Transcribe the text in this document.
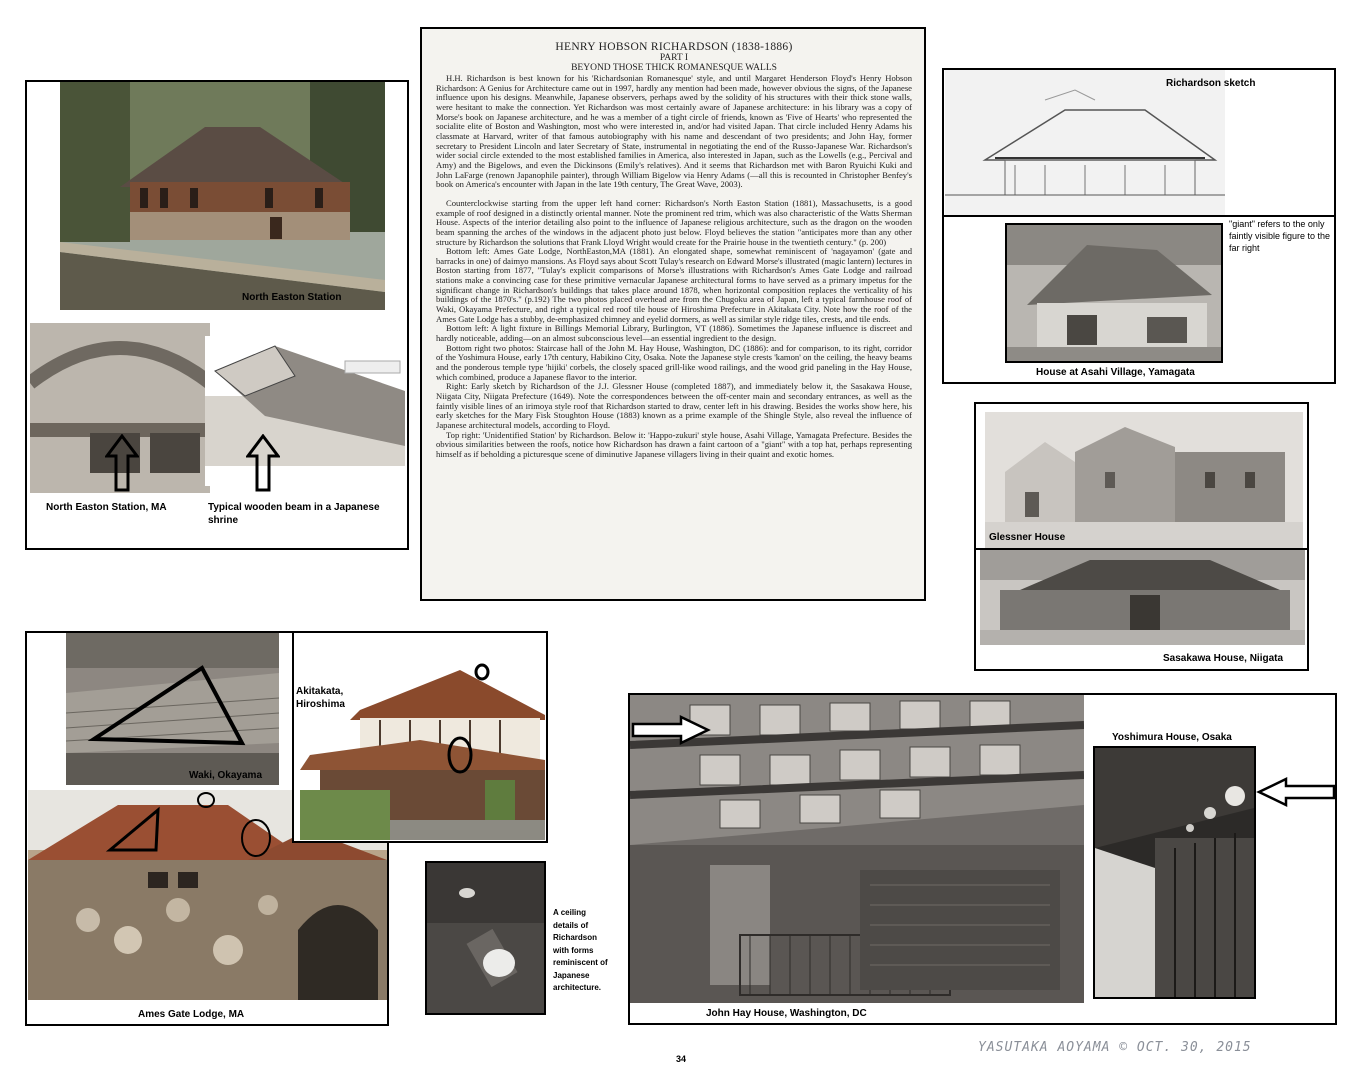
North Easton Station
North Easton Station, MA	Typical wooden beam in a Japanese shrine
HENRY HOBSON RICHARDSON (1838-1886)
PART I
BEYOND THOSE THICK ROMANESQUE WALLS

H.H. Richardson is best known for his 'Richardsonian Romanesque' style, and until Margaret Henderson Floyd's Henry Hobson Richardson: A Genius for Architecture came out in 1997, hardly any mention had been made, however obvious the signs, of the Japanese influence upon his designs. Meanwhile, Japanese observers, perhaps awed by the solidity of his structures with their thick stone walls, were hesitant to make the connection. Yet Richardson was most certainly aware of Japanese architecture: in his library was a copy of Morse's book on Japanese architecture, and he was a member of a tight circle of friends, known as 'Five of Hearts' who represented the socialite elite of Boston and Washington, most who were interested in, and/or had visited Japan. That circle included Henry Adams his classmate at Harvard, writer of that famous autobiography with his name and descendant of two presidents; and John Hay, former secretary to President Lincoln and later Secretary of State, instrumental in negotiating the end of the Russo-Japanese War. Richardson's wider social circle extended to the most established families in America, also interested in Japan, such as the Lowells (e.g., Percival and Amy) and the Bigelows, and even the Dickinsons (Emily's relatives). And it seems that Richardson met with Baron Ryuichi Kuki and John LaFarge (renown Japanophile painter), through William Bigelow via Henry Adams (—all this is recounted in Christopher Benfey's book on America's encounter with Japan in the late 19th century, The Great Wave, 2003).

Counterclockwise starting from the upper left hand corner: Richardson's North Easton Station (1881), Massachusetts, is a good example of roof designed in a distinctly oriental manner. Note the prominent red trim, which was also characteristic of the Watts Sherman House. Aspects of the interior detailing also point to the influence of Japanese religious architecture, such as the dragon on the wooden beam spanning the arches of the windows in the adjacent photo just below. Floyd believes the station "anticipates more than any other structure by Richardson the solutions that Frank Lloyd Wright would create for the Prairie house in the twentieth century." (p. 200)

Bottom left: Ames Gate Lodge, NorthEaston,MA (1881). An elongated shape, somewhat reminiscent of 'nagayamon' (gate and barracks in one) of daimyo mansions. As Floyd says about Scott Tulay's research on Edward Morse's illustrated (magic lantern) lectures in Boston starting from 1877, "Tulay's explicit comparisons of Morse's illustrations with Richardson's Ames Gate Lodge and railroad stations make a convincing case for these primitive vernacular Japanese architectural forms to have served as a primary impetus for the significant change in Richardson's buildings that takes place around 1878, when horizontal composition replaces the verticality of his buildings of the 1870's." (p.192) The two photos placed overhead are from the Chugoku area of Japan, left a typical farmhouse roof of Waki, Okayama Prefecture, and right a typical red roof tile house of Hiroshima Prefecture in Akitakata City. Note how the roof of the Ames Gate Lodge has a stubby, de-emphasized chimney and eyelid dormers, as well as similar style ridge tiles, crests, and tile ends.

Bottom left: A light fixture in Billings Memorial Library, Burlington, VT (1886). Sometimes the Japanese influence is discreet and hardly noticeable, adding—on an almost subconscious level—an essential ingredient to the design.

Bottom right two photos: Staircase hall of the John M. Hay House, Washington, DC (1886): and for comparison, to its right, corridor of the Yoshimura House, early 17th century, Habikino City, Osaka. Note the Japanese style crests 'kamon' on the ceiling, the heavy beams and the ponderous temple type 'hijiki' corbels, the closely spaced grill-like wood railings, and the wood grid paneling in the Hay House, which combined, produce a Japanese flavor to the interior.

Right: Early sketch by Richardson of the J.J. Glessner House (completed 1887), and immediately below it, the Sasakawa House, Niigata City, Niigata Prefecture (1649). Note the correspondences between the off-center main and secondary entrances, as well as the faintly visible lines of an irimoya style roof that Richardson started to draw, center left in his drawing. Besides the works show here, his early sketches for the Mary Fisk Stoughton House (1883) known as a prime example of the Shingle Style, also reveal the influence of Japanese architectural models, according to Floyd.

Top right: 'Unidentified Station' by Richardson. Below it: 'Happo-zukuri' style house, Asahi Village, Yamagata Prefecture. Besides the obvious similarities between the roofs, notice how Richardson has drawn a faint cartoon of a "giant" with a top hat, perhaps representing himself as if beholding a picturesque scene of diminutive Japanese villagers living in their quaint and exotic homes.

Richardson sketch
"giant" refers to the only faintly visible figure to the far right
House at Asahi Village, Yamagata
Glessner House
Sasakawa House, Niigata
Waki, Okayama
Ames Gate Lodge, MA
Akitakata, Hiroshima
A ceiling details of Richardson with forms reminiscent of Japanese architecture.
John Hay House, Washington, DC
Yoshimura House, Osaka
34
YASUTAKA AOYAMA © OCT. 30, 2015
